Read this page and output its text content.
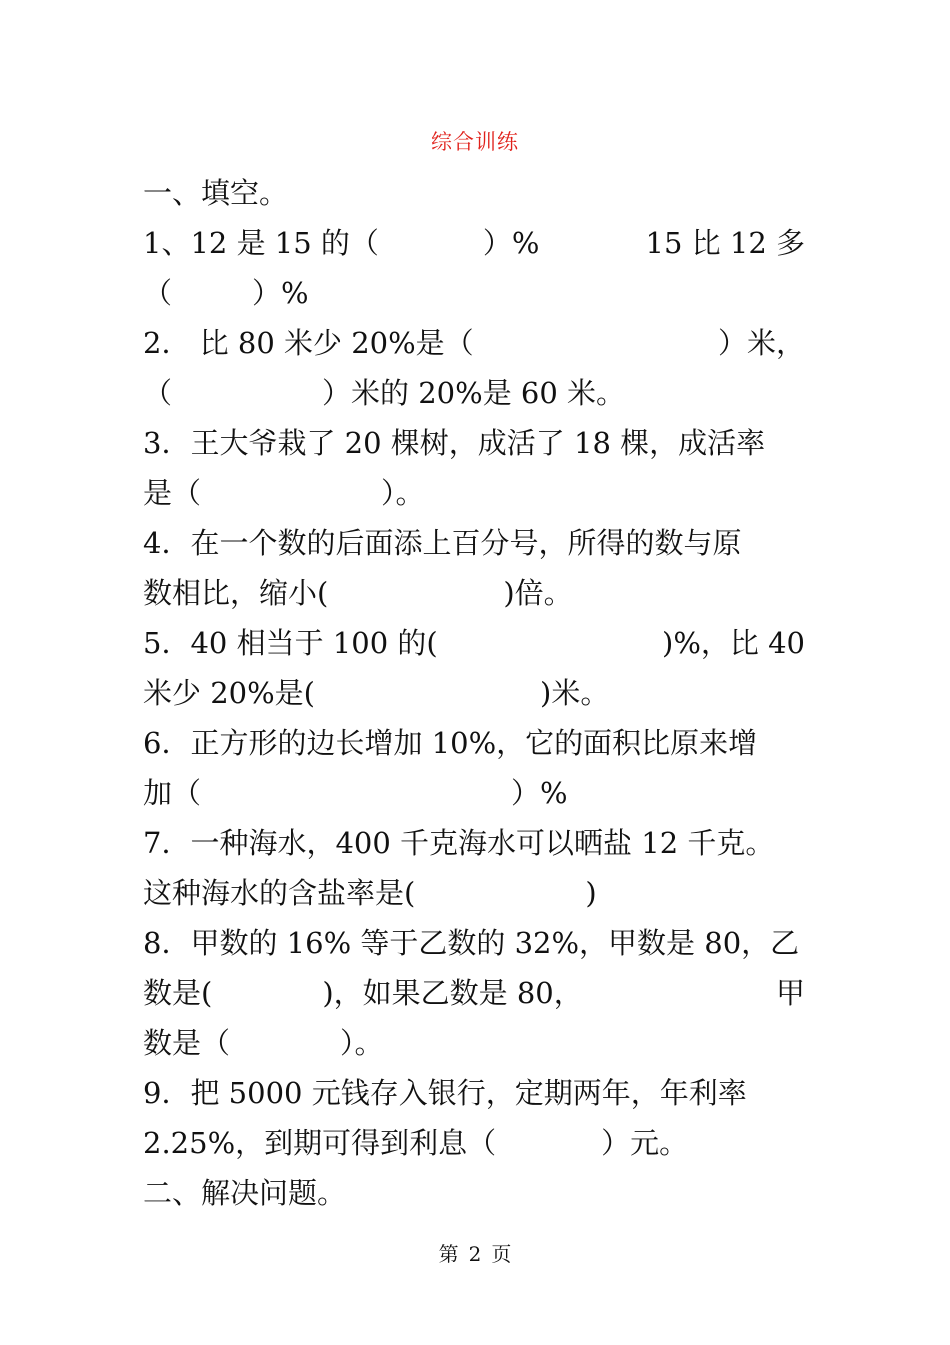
综合训练
一、填空。
1、12 是 15 的（	）%	15 比 12 多
（	）%
2． 比 80 米少 20%是（	）米，
（	）米的 20%是 60 米。
3．王大爷栽了 20 棵树，成活了 18 棵，成活率
是（	）。
4．在一个数的后面添上百分号，所得的数与原
数相比，缩小(	)倍。
5．40 相当于 100 的(	)%，比 40
米少 20%是(	)米。
6．正方形的边长增加 10%，它的面积比原来增
加（	）%
7．一种海水，400 千克海水可以晒盐 12 千克。
这种海水的含盐率是(	)
8．甲数的 16% 等于乙数的 32%，甲数是 80，乙
数是(	)，如果乙数是 80，	甲
数是（	）。
9．把 5000 元钱存入银行，定期两年，年利率
2.25%，到期可得到利息（	）元。
二、解决问题。
第 2 页
